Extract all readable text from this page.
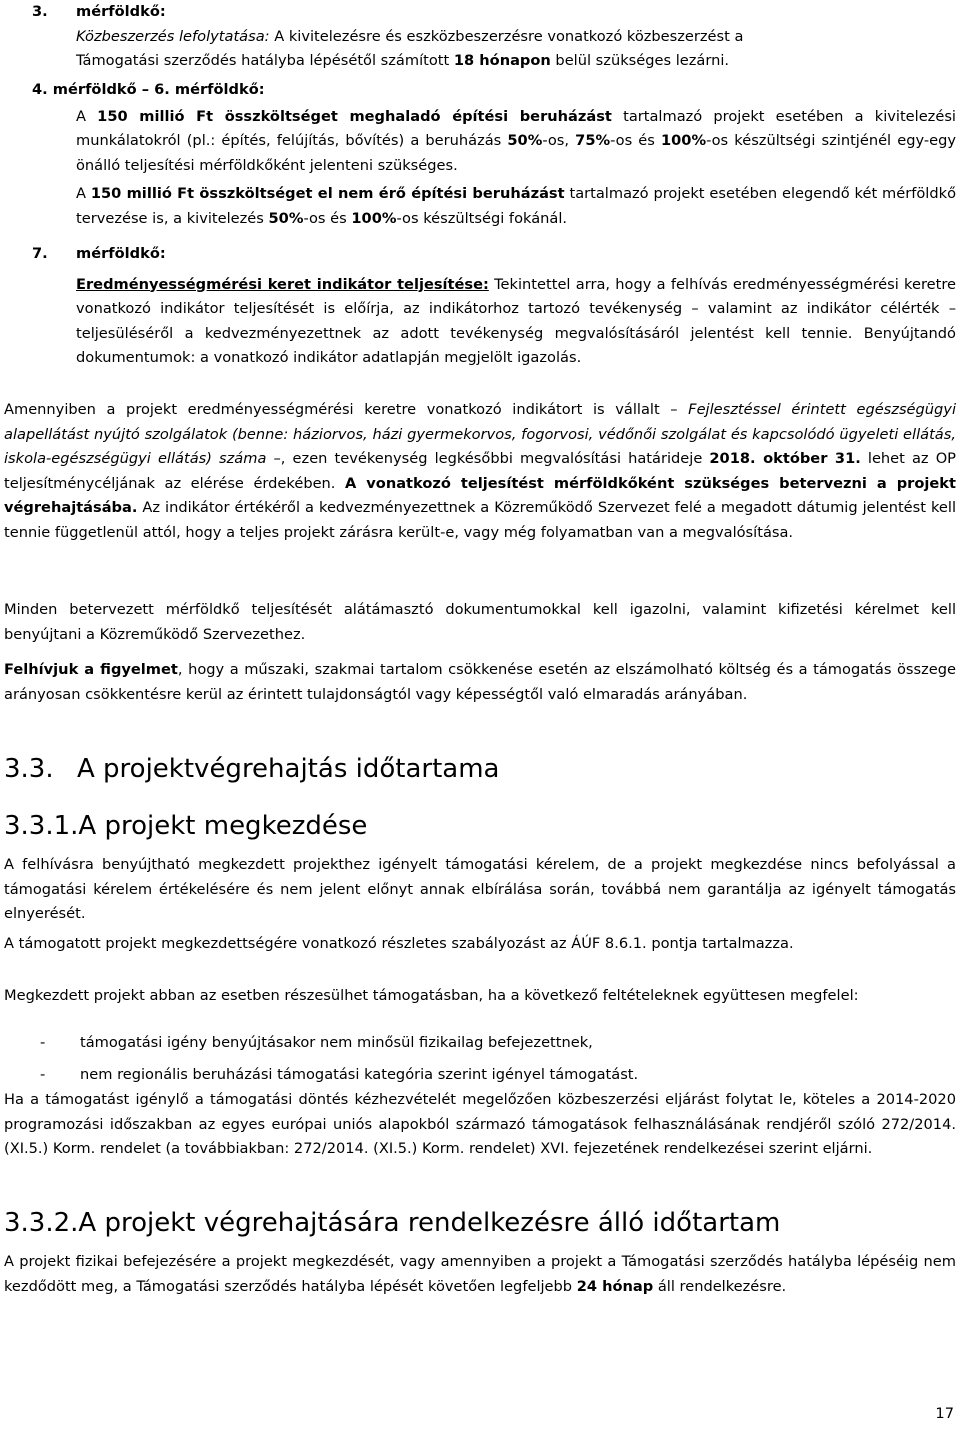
3. mérföldkő:
Közbeszerzés lefolytatása: A kivitelezésre és eszközbeszerzésre vonatkozó közbeszerzést a
Támogatási szerződés hatályba lépésétől számított 18 hónapon belül szükséges lezárni.
4. mérföldkő – 6. mérföldkő:
A 150 millió Ft összköltséget meghaladó építési beruházást tartalmazó projekt esetében a kivitelezési munkálatokról (pl.: építés, felújítás, bővítés) a beruházás 50%-os, 75%-os és 100%-os készültségi szintjénél egy-egy önálló teljesítési mérföldkőként jelenteni szükséges.
A 150 millió Ft összköltséget el nem érő építési beruházást tartalmazó projekt esetében elegendő két mérföldkő tervezése is, a kivitelezés 50%-os és 100%-os készültségi fokánál.
7. mérföldkő:
Eredményességmérési keret indikátor teljesítése: Tekintettel arra, hogy a felhívás eredményességmérési keretre vonatkozó indikátor teljesítését is előírja, az indikátorhoz tartozó tevékenység – valamint az indikátor célérték – teljesüléséről a kedvezményezettnek az adott tevékenység megvalósításáról jelentést kell tennie. Benyújtandó dokumentumok: a vonatkozó indikátor adatlapján megjelölt igazolás.
Amennyiben a projekt eredményességmérési keretre vonatkozó indikátort is vállalt – Fejlesztéssel érintett egészségügyi alapellátást nyújtó szolgálatok (benne: háziorvos, házi gyermekorvos, fogorvosi, védőnői szolgálat és kapcsolódó ügyeleti ellátás, iskola-egészségügyi ellátás) száma –, ezen tevékenység legkésőbbi megvalósítási határideje 2018. október 31. lehet az OP teljesítménycéljának az elérése érdekében. A vonatkozó teljesítést mérföldkőként szükséges betervezni a projekt végrehajtásába. Az indikátor értékéről a kedvezményezettnek a Közreműködő Szervezet felé a megadott dátumig jelentést kell tennie függetlenül attól, hogy a teljes projekt zárásra került-e, vagy még folyamatban van a megvalósítása.
Minden betervezett mérföldkő teljesítését alátámasztó dokumentumokkal kell igazolni, valamint kifizetési kérelmet kell benyújtani a Közreműködő Szervezethez.
Felhívjuk a figyelmet, hogy a műszaki, szakmai tartalom csökkenése esetén az elszámolható költség és a támogatás összege arányosan csökkentésre kerül az érintett tulajdonságtól vagy képességtől való elmaradás arányában.
3.3. A projektvégrehajtás időtartama
3.3.1.A projekt megkezdése
A felhívásra benyújtható megkezdett projekthez igényelt támogatási kérelem, de a projekt megkezdése nincs befolyással a támogatási kérelem értékelésére és nem jelent előnyt annak elbírálása során, továbbá nem garantálja az igényelt támogatás elnyerését.
A támogatott projekt megkezdettségére vonatkozó részletes szabályozást az ÁÚF 8.6.1. pontja tartalmazza.
Megkezdett projekt abban az esetben részesülhet támogatásban, ha a következő feltételeknek együttesen megfelel:
- támogatási igény benyújtásakor nem minősül fizikailag befejezettnek,
- nem regionális beruházási támogatási kategória szerint igényel támogatást.
Ha a támogatást igénylő a támogatási döntés kézhezvételét megelőzően közbeszerzési eljárást folytat le, köteles a 2014-2020 programozási időszakban az egyes európai uniós alapokból származó támogatások felhasználásának rendjéről szóló 272/2014. (XI.5.) Korm. rendelet (a továbbiakban: 272/2014. (XI.5.) Korm. rendelet) XVI. fejezetének rendelkezései szerint eljárni.
3.3.2.A projekt végrehajtására rendelkezésre álló időtartam
A projekt fizikai befejezésére a projekt megkezdését, vagy amennyiben a projekt a Támogatási szerződés hatályba lépéséig nem kezdődött meg, a Támogatási szerződés hatályba lépését követően legfeljebb 24 hónap áll rendelkezésre.
17
